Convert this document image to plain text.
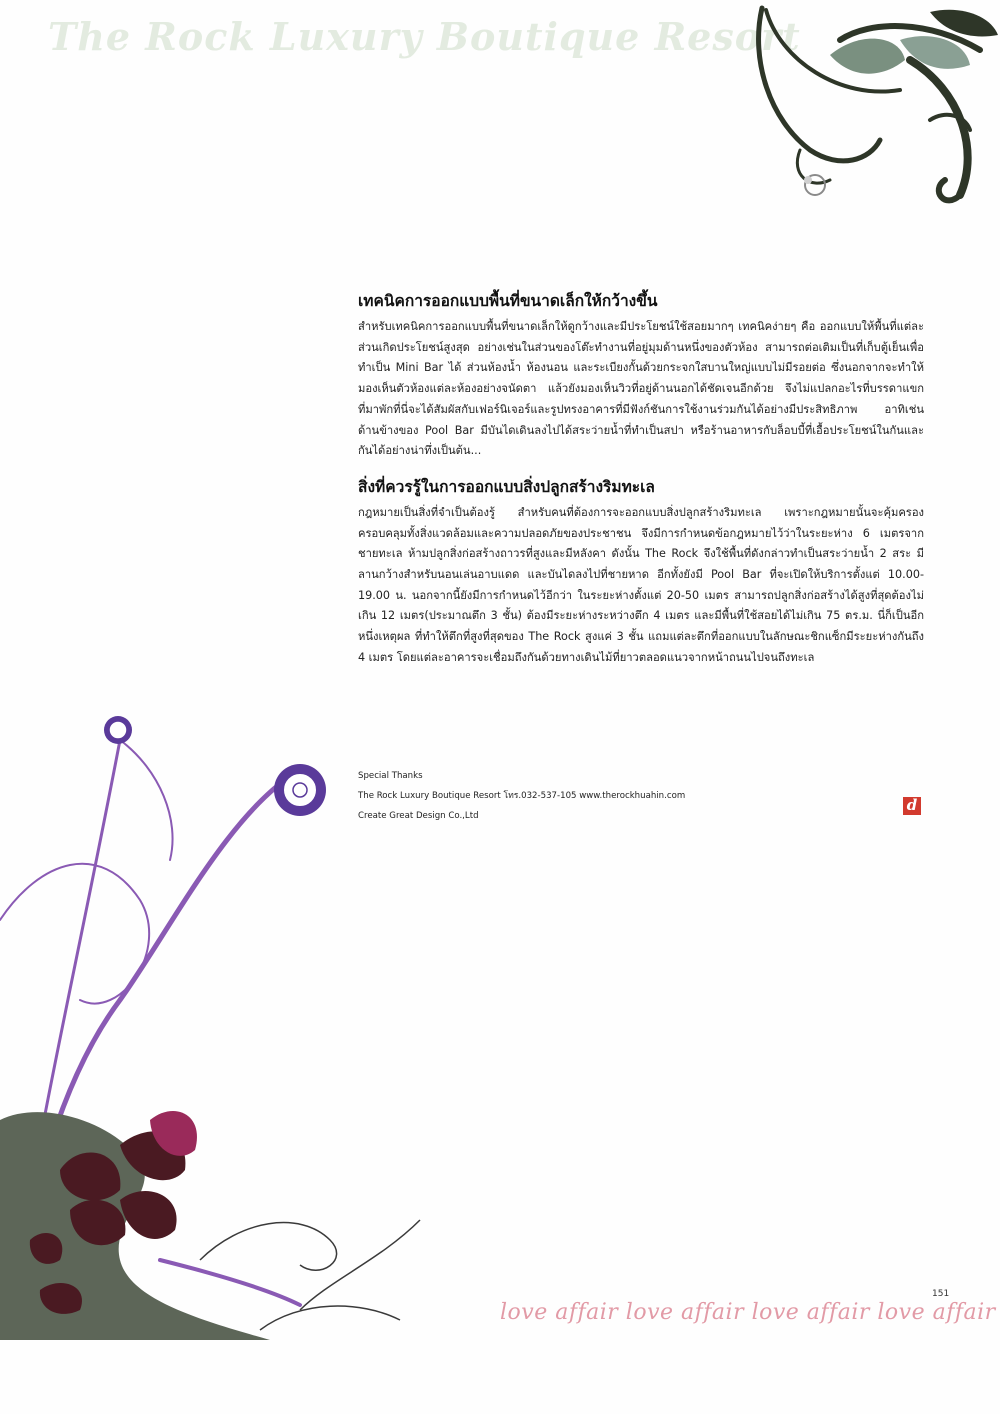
The Rock Luxury Boutique Resort
เทคนิคการออกแบบพื้นที่ขนาดเล็กให้กว้างขึ้น

สำหรับเทคนิคการออกแบบพื้นที่ขนาดเล็กให้ดูกว้างและมีประโยชน์ใช้สอยมากๆ เทคนิคง่ายๆ คือ ออกแบบให้พื้นที่แต่ละส่วนเกิดประโยชน์สูงสุด อย่างเช่นในส่วนของโต๊ะทำงานที่อยู่มุมด้านหนึ่งของตัวห้อง สามารถต่อเติมเป็นที่เก็บตู้เย็นเพื่อทำเป็น Mini Bar ได้ ส่วนห้องน้ำ ห้องนอน และระเบียงกั้นด้วยกระจกใสบานใหญ่แบบไม่มีรอยต่อ ซึ่งนอกจากจะทำให้มองเห็นตัวห้องแต่ละห้องอย่างจนัดตา แล้วยังมองเห็นวิวที่อยู่ด้านนอกได้ชัดเจนอีกด้วย จึงไม่แปลกอะไรที่บรรดาแขกที่มาพักที่นี่จะได้สัมผัสกับเฟอร์นิเจอร์และรูปทรงอาคารที่มีฟังก์ชันการใช้งานร่วมกันได้อย่างมีประสิทธิภาพ อาทิเช่น ด้านข้างของ Pool Bar มีบันไดเดินลงไปได้สระว่ายน้ำที่ทำเป็นสปา หรือร้านอาหารกับล็อบบี้ที่เอื้อประโยชน์ในกันและกันได้อย่างน่าทึ่งเป็นต้น...

สิ่งที่ควรรู้ในการออกแบบสิ่งปลูกสร้างริมทะเล

กฎหมายเป็นสิ่งที่จำเป็นต้องรู้ สำหรับคนที่ต้องการจะออกแบบสิ่งปลูกสร้างริมทะเล เพราะกฎหมายนั้นจะคุ้มครองครอบคลุมทั้งสิ่งแวดล้อมและความปลอดภัยของประชาชน จึงมีการกำหนดข้อกฎหมายไว้ว่าในระยะห่าง 6 เมตรจากชายทะเล ห้ามปลูกสิ่งก่อสร้างถาวรที่สูงและมีหลังคา ดังนั้น The Rock จึงใช้พื้นที่ดังกล่าวทำเป็นสระว่ายน้ำ 2 สระ มีลานกว้างสำหรับนอนเล่นอาบแดด และบันไดลงไปที่ชายหาด อีกทั้งยังมี Pool Bar ที่จะเปิดให้บริการตั้งแต่ 10.00-19.00 น. นอกจากนี้ยังมีการกำหนดไว้อีกว่า ในระยะห่างตั้งแต่ 20-50 เมตร สามารถปลูกสิ่งก่อสร้างได้สูงที่สุดต้องไม่เกิน 12 เมตร(ประมาณตึก 3 ชั้น) ต้องมีระยะห่างระหว่างตึก 4 เมตร และมีพื้นที่ใช้สอยได้ไม่เกิน 75 ตร.ม. นี่ก็เป็นอีกหนึ่งเหตุผล ที่ทำให้ตึกที่สูงที่สุดของ The Rock สูงแค่ 3 ชั้น แถมแต่ละตึกที่ออกแบบในลักษณะชิกแซ็กมีระยะห่างกันถึง 4 เมตร โดยแต่ละอาคารจะเชื่อมถึงกันด้วยทางเดินไม้ที่ยาวตลอดแนวจากหน้าถนนไปจนถึงทะเล

Special Thanks
The Rock Luxury Boutique Resort โทร.032-537-105 www.therockhuahin.com
Create Great Design Co.,Ltd
d
151
love affair love affair love affair love affair
